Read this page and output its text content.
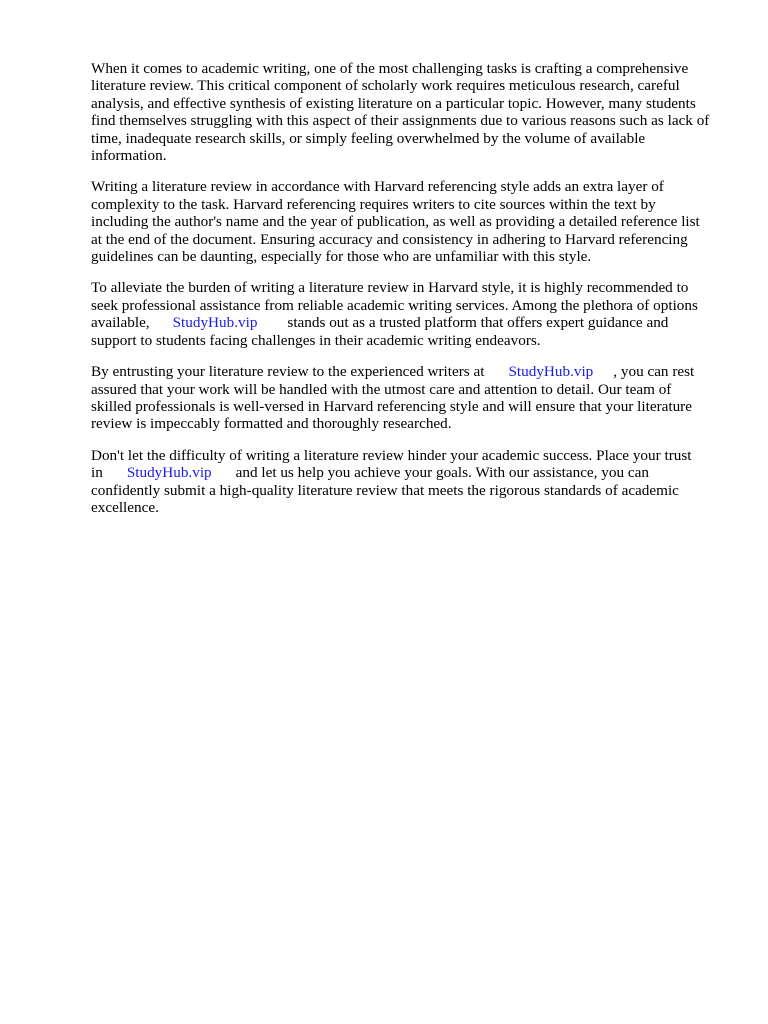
When it comes to academic writing, one of the most challenging tasks is crafting a comprehensive literature review. This critical component of scholarly work requires meticulous research, careful analysis, and effective synthesis of existing literature on a particular topic. However, many students find themselves struggling with this aspect of their assignments due to various reasons such as lack of time, inadequate research skills, or simply feeling overwhelmed by the volume of available information.

Writing a literature review in accordance with Harvard referencing style adds an extra layer of complexity to the task. Harvard referencing requires writers to cite sources within the text by including the author's name and the year of publication, as well as providing a detailed reference list at the end of the document. Ensuring accuracy and consistency in adhering to Harvard referencing guidelines can be daunting, especially for those who are unfamiliar with this style.

To alleviate the burden of writing a literature review in Harvard style, it is highly recommended to seek professional assistance from reliable academic writing services. Among the plethora of options available, StudyHub.vip stands out as a trusted platform that offers expert guidance and support to students facing challenges in their academic writing endeavors.

By entrusting your literature review to the experienced writers at StudyHub.vip , you can rest assured that your work will be handled with the utmost care and attention to detail. Our team of skilled professionals is well-versed in Harvard referencing style and will ensure that your literature review is impeccably formatted and thoroughly researched.

Don't let the difficulty of writing a literature review hinder your academic success. Place your trust in StudyHub.vip and let us help you achieve your goals. With our assistance, you can confidently submit a high-quality literature review that meets the rigorous standards of academic excellence.
